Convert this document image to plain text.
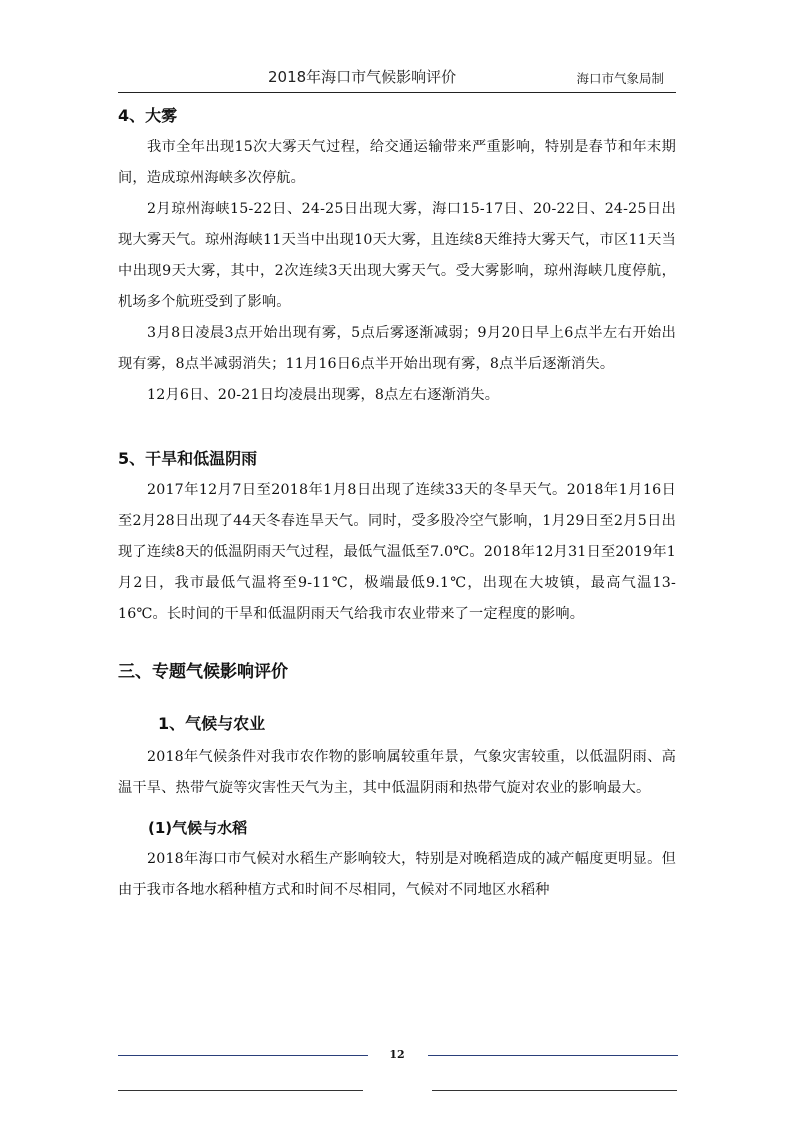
2018年海口市气候影响评价	海口市气象局制
4、大雾

我市全年出现15次大雾天气过程，给交通运输带来严重影响，特别是春节和年末期间，造成琼州海峡多次停航。

2月琼州海峡15-22日、24-25日出现大雾，海口15-17日、20-22日、24-25日出现大雾天气。琼州海峡11天当中出现10天大雾，且连续8天维持大雾天气，市区11天当中出现9天大雾，其中，2次连续3天出现大雾天气。受大雾影响，琼州海峡几度停航，机场多个航班受到了影响。

3月8日凌晨3点开始出现有雾，5点后雾逐渐减弱；9月20日早上6点半左右开始出现有雾，8点半减弱消失；11月16日6点半开始出现有雾，8点半后逐渐消失。

12月6日、20-21日均凌晨出现雾，8点左右逐渐消失。

5、干旱和低温阴雨

2017年12月7日至2018年1月8日出现了连续33天的冬旱天气。2018年1月16日至2月28日出现了44天冬春连旱天气。同时，受多股冷空气影响，1月29日至2月5日出现了连续8天的低温阴雨天气过程，最低气温低至7.0℃。2018年12月31日至2019年1月2日，我市最低气温将至9-11℃，极端最低9.1℃，出现在大坡镇，最高气温13-16℃。长时间的干旱和低温阴雨天气给我市农业带来了一定程度的影响。

三、专题气候影响评价
1、气候与农业

2018年气候条件对我市农作物的影响属较重年景，气象灾害较重，以低温阴雨、高温干旱、热带气旋等灾害性天气为主，其中低温阴雨和热带气旋对农业的影响最大。

(1)气候与水稻

2018年海口市气候对水稻生产影响较大，特别是对晚稻造成的减产幅度更明显。但由于我市各地水稻种植方式和时间不尽相同，气候对不同地区水稻种

12
